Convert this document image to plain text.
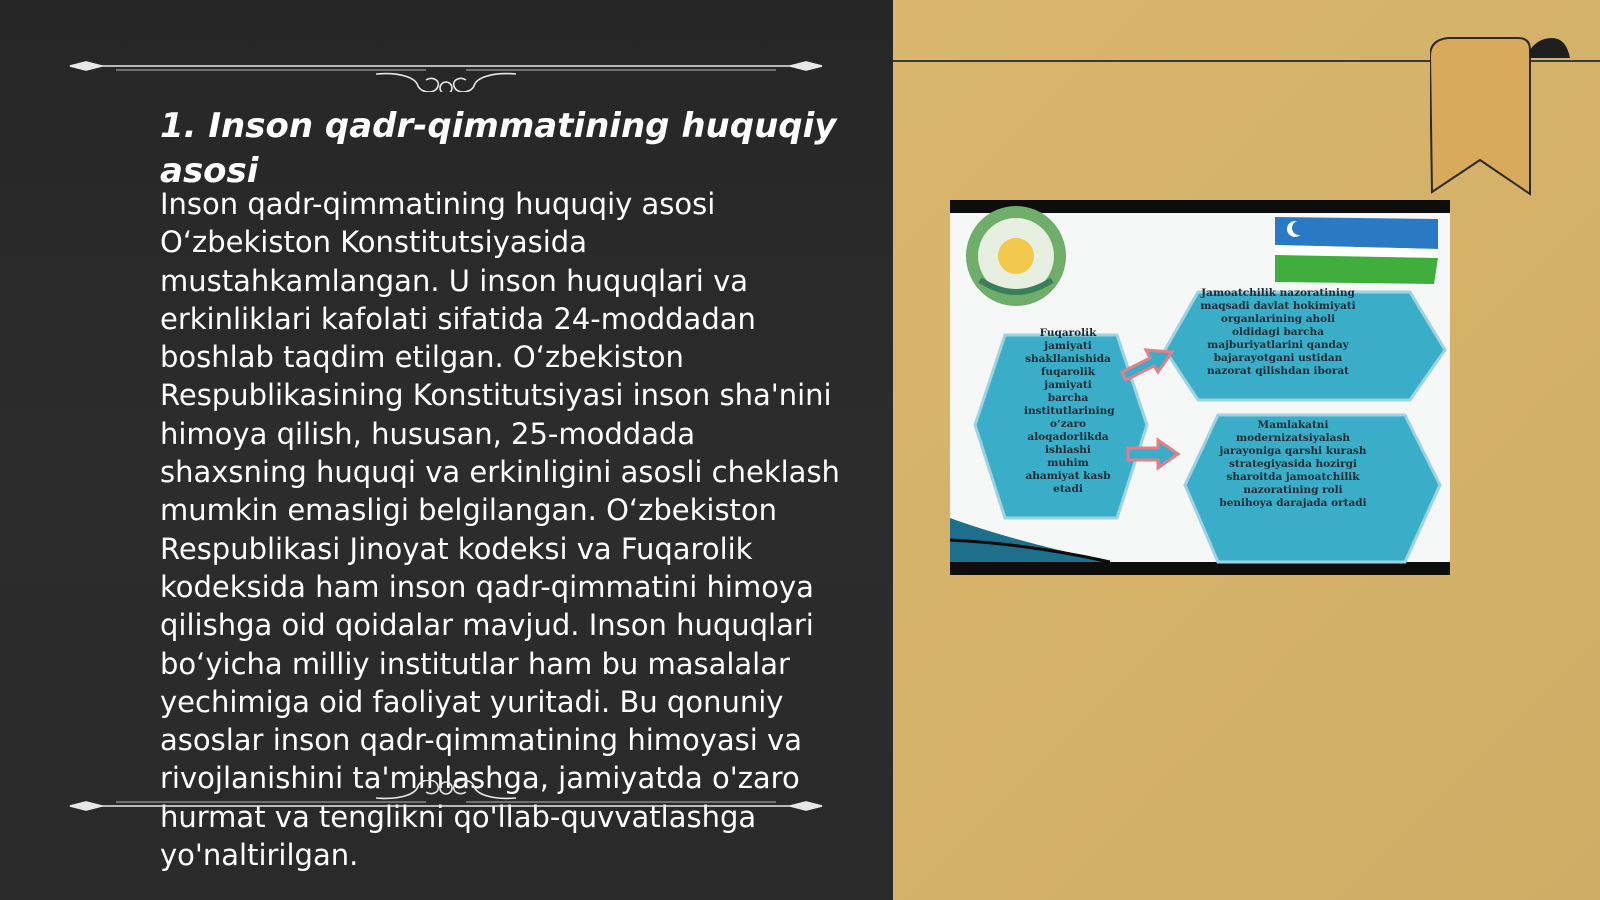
1. Inson qadr-qimmatining huquqiy asosi

Inson qadr-qimmatining huquqiy asosi O‘zbekiston Konstitutsiyasida mustahkamlangan. U inson huquqlari va erkinliklari kafolati sifatida 24-moddadan boshlab taqdim etilgan. O‘zbekiston Respublikasining Konstitutsiyasi inson sha'nini himoya qilish, hususan, 25-moddada shaxsning huquqi va erkinligini asosli cheklash mumkin emasligi belgilangan. O‘zbekiston Respublikasi Jinoyat kodeksi va Fuqarolik kodeksida ham inson qadr-qimmatini himoya qilishga oid qoidalar mavjud. Inson huquqlari bo‘yicha milliy institutlar ham bu masalalar yechimiga oid faoliyat yuritadi. Bu qonuniy asoslar inson qadr-qimmatining himoyasi va rivojlanishini ta'minlashga, jamiyatda o'zaro hurmat va tenglikni qo'llab-quvvatlashga yo'naltirilgan.

Fuqarolik jamiyati shakllanishida fuqarolik jamiyati barcha institutlarining o‘zaro aloqadorlikda ishlashi muhim ahamiyat kasb etadi
Jamoatchilik nazoratining maqsadi davlat hokimiyati organlarining aholi oldidagi barcha majburiyatlarini qanday bajarayotgani ustidan nazorat qilishdan iborat
Mamlakatni modernizatsiyalash jarayoniga qarshi kurash strategiyasida hozirgi sharoitda jamoatchilik nazoratining roli benihoya darajada ortadi
